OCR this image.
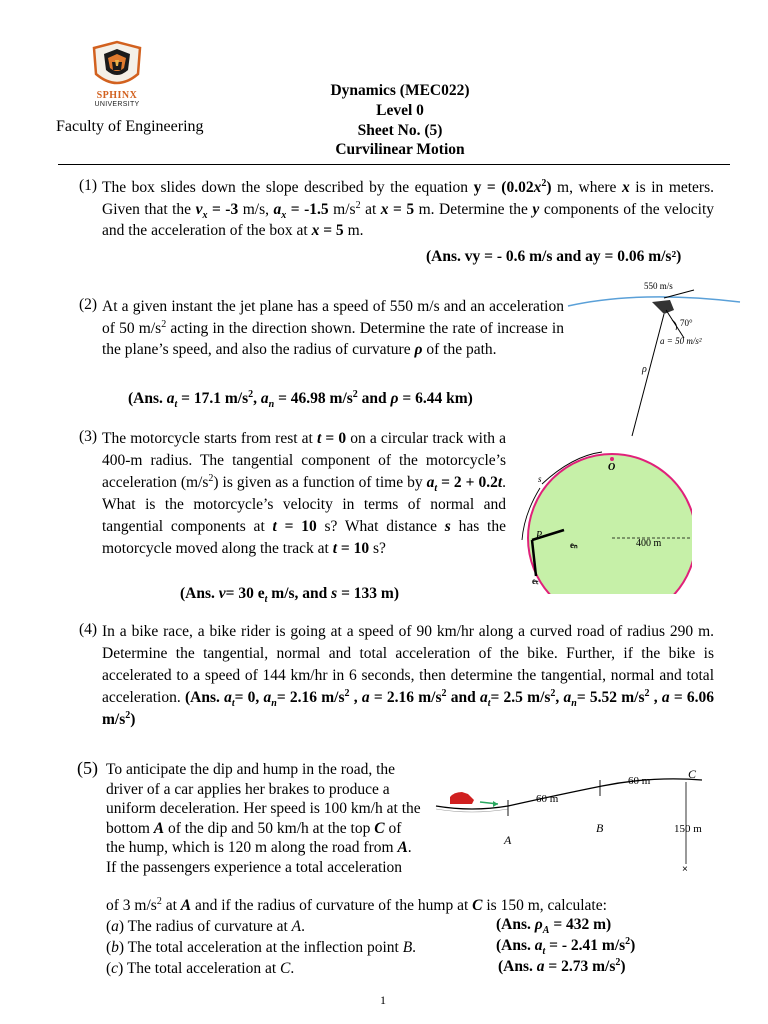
SPHINX
UNIVERSITY
Faculty of Engineering
Dynamics (MEC022)
Level 0
Sheet No. (5)
Curvilinear Motion
(1) The box slides down the slope described by the equation $y = (0.02x^2)$ m, where x is in meters. Given that the $v_x = -3$ m/s, $a_x = -1.5$ $m/s^2$ at x = 5 m. Determine the y components of the velocity and the acceleration of the box at x = 5 m.
(Ans. vy = - 0.6 m/s and ay = 0.06 m/s²)
(2) At a given instant the jet plane has a speed of 550 m/s and an acceleration of 50 $m/s^2$ acting in the direction shown. Determine the rate of increase in the plane’s speed, and also the radius of curvature ρ of the path.
(Ans. $a_t = 17.1$ $m/s^2$, $a_n = 46.98$ $m/s^2$ and ρ = 6.44 km)
550 m/s
70°
a = 50 m/s²
ρ
(3) The motorcycle starts from rest at t = 0 on a circular track with a 400-m radius. The tangential component of the motorcycle’s acceleration $(m/s^2)$ is given as a function of time by $a_t = 2 + 0.2t$. What is the motorcycle’s velocity in terms of normal and tangential components at t = 10 s? What distance s has the motorcycle moved along the track at t = 10 s?
(Ans. v= 30 $e_t$ m/s, and s = 133 m)
O
s
P
eₙ
eₜ
400 m
(4) In a bike race, a bike rider is going at a speed of 90 km/hr along a curved road of radius 290 m. Determine the tangential, normal and total acceleration of the bike. Further, if the bike is accelerated to a speed of 144 km/hr in 6 seconds, then determine the tangential, normal and total acceleration. (Ans. $a_t= 0$, $a_n= 2.16$ $m/s^2$ , a = 2.16 $m/s^2$ and $a_t= 2.5$ $m/s^2$, $a_n= 5.52$ $m/s^2$ , a = 6.06 $m/s^2$)
(5) To anticipate the dip and hump in the road, the driver of a car applies her brakes to produce a uniform deceleration. Her speed is 100 km/h at the bottom A of the dip and 50 km/h at the top C of the hump, which is 120 m along the road from A. If the passengers experience a total acceleration
of 3 $m/s^2$ at A and if the radius of curvature of the hump at C is 150 m, calculate:
(a) The radius of curvature at A.
(b) The total acceleration at the inflection point B.
(c) The total acceleration at C.
(Ans. $\rho_A = 432$ m)
(Ans. $a_t$ = - 2.41 $m/s^2$)
(Ans. a = 2.73 $m/s^2$)
×
60 m
60 m	C
A
B	150 m
1
